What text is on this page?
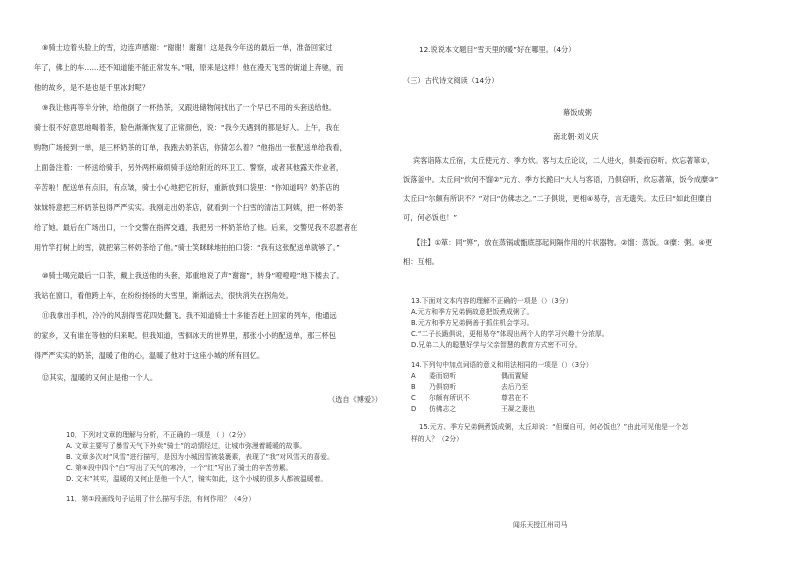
⑧骑士边着头脸上的雪，边连声感谢：“谢谢！谢谢！这是我今年送的最后一单，准备回家过
年了，佛上的车……还不知道能不能正常发车。”哦，原来是这样！他在漫天飞雪的街道上奔驰，而
他的故乡，是不是也是千里冰封呢？
⑨我让他再等半分钟，给他倒了一杯热茶，又跟进储物间找出了一个早已不用的头套送给他。
骑士很不好意思地喝着茶，脸色渐渐恢复了正常颜色，说：“我今天遇到的都是好人。上午，我在
购物广场接到一单，是三杯奶茶的订单，我跑去奶茶店，你猜怎么着？”他指出一张配送单给我看，
上面备注着：一杯送给骑手，另外两杯麻烦骑手送给附近的环卫工、警察，或者其他露天作业者，
辛苦啦！配送单有点旧，有点皱，骑士小心地把它折好，重新放到口袋里：“你知道吗？奶茶店的
妹妹特意把三杯奶茶包得严严实实。我刚走出奶茶店，就看到一个扫雪的清洁工阿姨，把一杯奶茶
给了她。最后在广场出口，一个交警在指挥交通，我把另一杯奶茶给了他。后来，交警见我不忍愿者在
用竹竿打树上的雪，就把第三杯奶茶给了他。”骑士笑眯眯地拍拍口袋：“我有这张配送单就够了。”
⑩骑士喝完最后一口茶，戴上我送他的头套，郑重地说了声“谢谢”，转身“噔噔噔”地下楼去了。
我站在窗口，看他跨上车，在纷纷扬扬的大雪里，渐渐远去，很快消失在拐角处。
⑪我拿出手机，冷冷的风刮得雪花四处翻飞。我不知道骑士十多能否赶上回家的列车，他通远
的家乡，又有谁在等他的归来呢。但我知道，雪徊冰天的世界里，那张小小的配送单，那三杯包
得严严实实的奶茶，温暖了他的心，温暖了他对于这座小城的所有回忆。
⑫其实，温暖的又何止是他一个人。
（选自《博爱》）
10．下列对文章的理解与分析，不正确的一项是 （ ）（2分）
A. 文章主要写了暴雪天气下外卖“骑士”的动情经过，让城市弥漫着暖暖的故事。
B. 文章多次对“风雪”进行描写，是因为小城因雪被装裹素，表现了“我”对风雪天的喜爱。
C. 第⑥段中四个“白”写出了天气的寒冷，一个“红”写出了骑士的辛苦劳累。
D. 文末“其实，温暖的又何止是他一个人”，镜实如此，这个小城的很多人都被温暖着。
11．第①段画线句子运用了什么描写手法，有何作用？（4分）
12.说说本文题目“雪天里的暖”好在哪里。（4分）
（三）古代诗文阅读（14分）
幕饭成粥
南北朝·刘义庆
宾客诣陈太丘宿，太丘使元方、季方炊。客与太丘论议，二人进火，俱委而窃听。炊忘著箪①，
饭落釜中。太丘问“炊何不馏②”元方、季方长跪曰“大人与客语，乃俱窃听，炊忘著箪，饭今成糜③”
太丘曰“尔颇有所识不？”对曰“仿佛志之。”二子俱说，更相④易夺，言无遗失。太丘曰“如此但糜自
可，何必饭也！”
【注】①箪：同“箅”，放在蒸锅或甑底部起间隔作用的片状器物。②馏：蒸饭。③糜：粥。④更
相：互相。
13.下面对文本内容的理解不正确的一项是（）（3分）
A.元方和季方兄弟俩故意把饭煮成粥了。
B.元方和季方兄弟俩善于抓住机会学习。
C.“二子长跪俱说，更相易夺”体现出两个人的学习兴趣十分浓厚。
D.兄弟二人的聪慧好学与父亲智慧的教育方式密不可分。
14.下列句中加点词语的意义和用法相同的一项是（）（3分）
A 委而窃听	偶而置疑
B 乃俱窃听	去后乃至
C 尔颇有所识不	尊君在不
D 仿佛志之	王凝之妻也
15.元方、季方兄弟俩煮饭成粥，太丘却说：“但糜自可，何必饭也？”由此可见他是一个怎
样的人？（2分）
闻乐天授江州司马
